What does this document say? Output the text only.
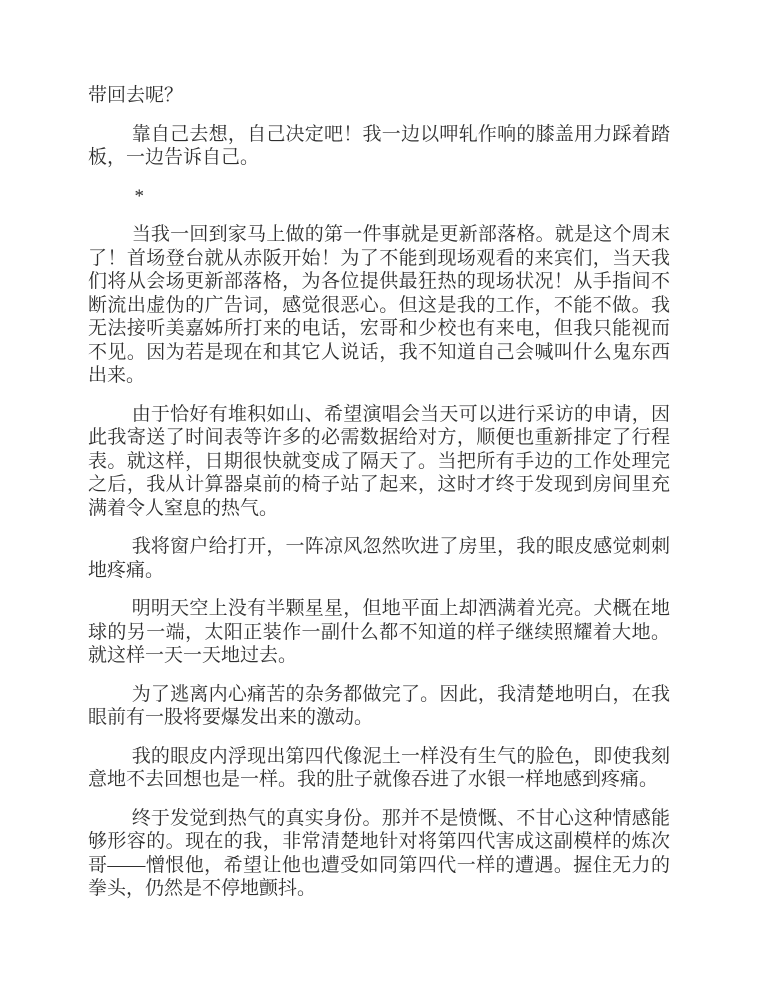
带回去呢？

靠自己去想，自己决定吧！我一边以呷轧作响的膝盖用力踩着踏板，一边告诉自己。

*

当我一回到家马上做的第一件事就是更新部落格。就是这个周末了！首场登台就从赤阪开始！为了不能到现场观看的来宾们，当天我们将从会场更新部落格，为各位提供最狂热的现场状况！从手指间不断流出虚伪的广告词，感觉很恶心。但这是我的工作，不能不做。我无法接听美嘉姊所打来的电话，宏哥和少校也有来电，但我只能视而不见。因为若是现在和其它人说话，我不知道自己会喊叫什么鬼东西出来。

由于恰好有堆积如山、希望演唱会当天可以进行采访的申请，因此我寄送了时间表等许多的必需数据给对方，顺便也重新排定了行程表。就这样，日期很快就变成了隔天了。当把所有手边的工作处理完之后，我从计算器桌前的椅子站了起来，这时才终于发现到房间里充满着令人窒息的热气。

我将窗户给打开，一阵凉风忽然吹进了房里，我的眼皮感觉刺刺地疼痛。

明明天空上没有半颗星星，但地平面上却洒满着光亮。犬概在地球的另一端，太阳正装作一副什么都不知道的样子继续照耀着大地。就这样一天一天地过去。

为了逃离内心痛苦的杂务都做完了。因此，我清楚地明白，在我眼前有一股将要爆发出来的激动。

我的眼皮内浮现出第四代像泥土一样没有生气的脸色，即使我刻意地不去回想也是一样。我的肚子就像吞进了水银一样地感到疼痛。

终于发觉到热气的真实身份。那并不是愤慨、不甘心这种情感能够形容的。现在的我，非常清楚地针对将第四代害成这副模样的炼次哥——憎恨他，希望让他也遭受如同第四代一样的遭遇。握住无力的拳头，仍然是不停地颤抖。
